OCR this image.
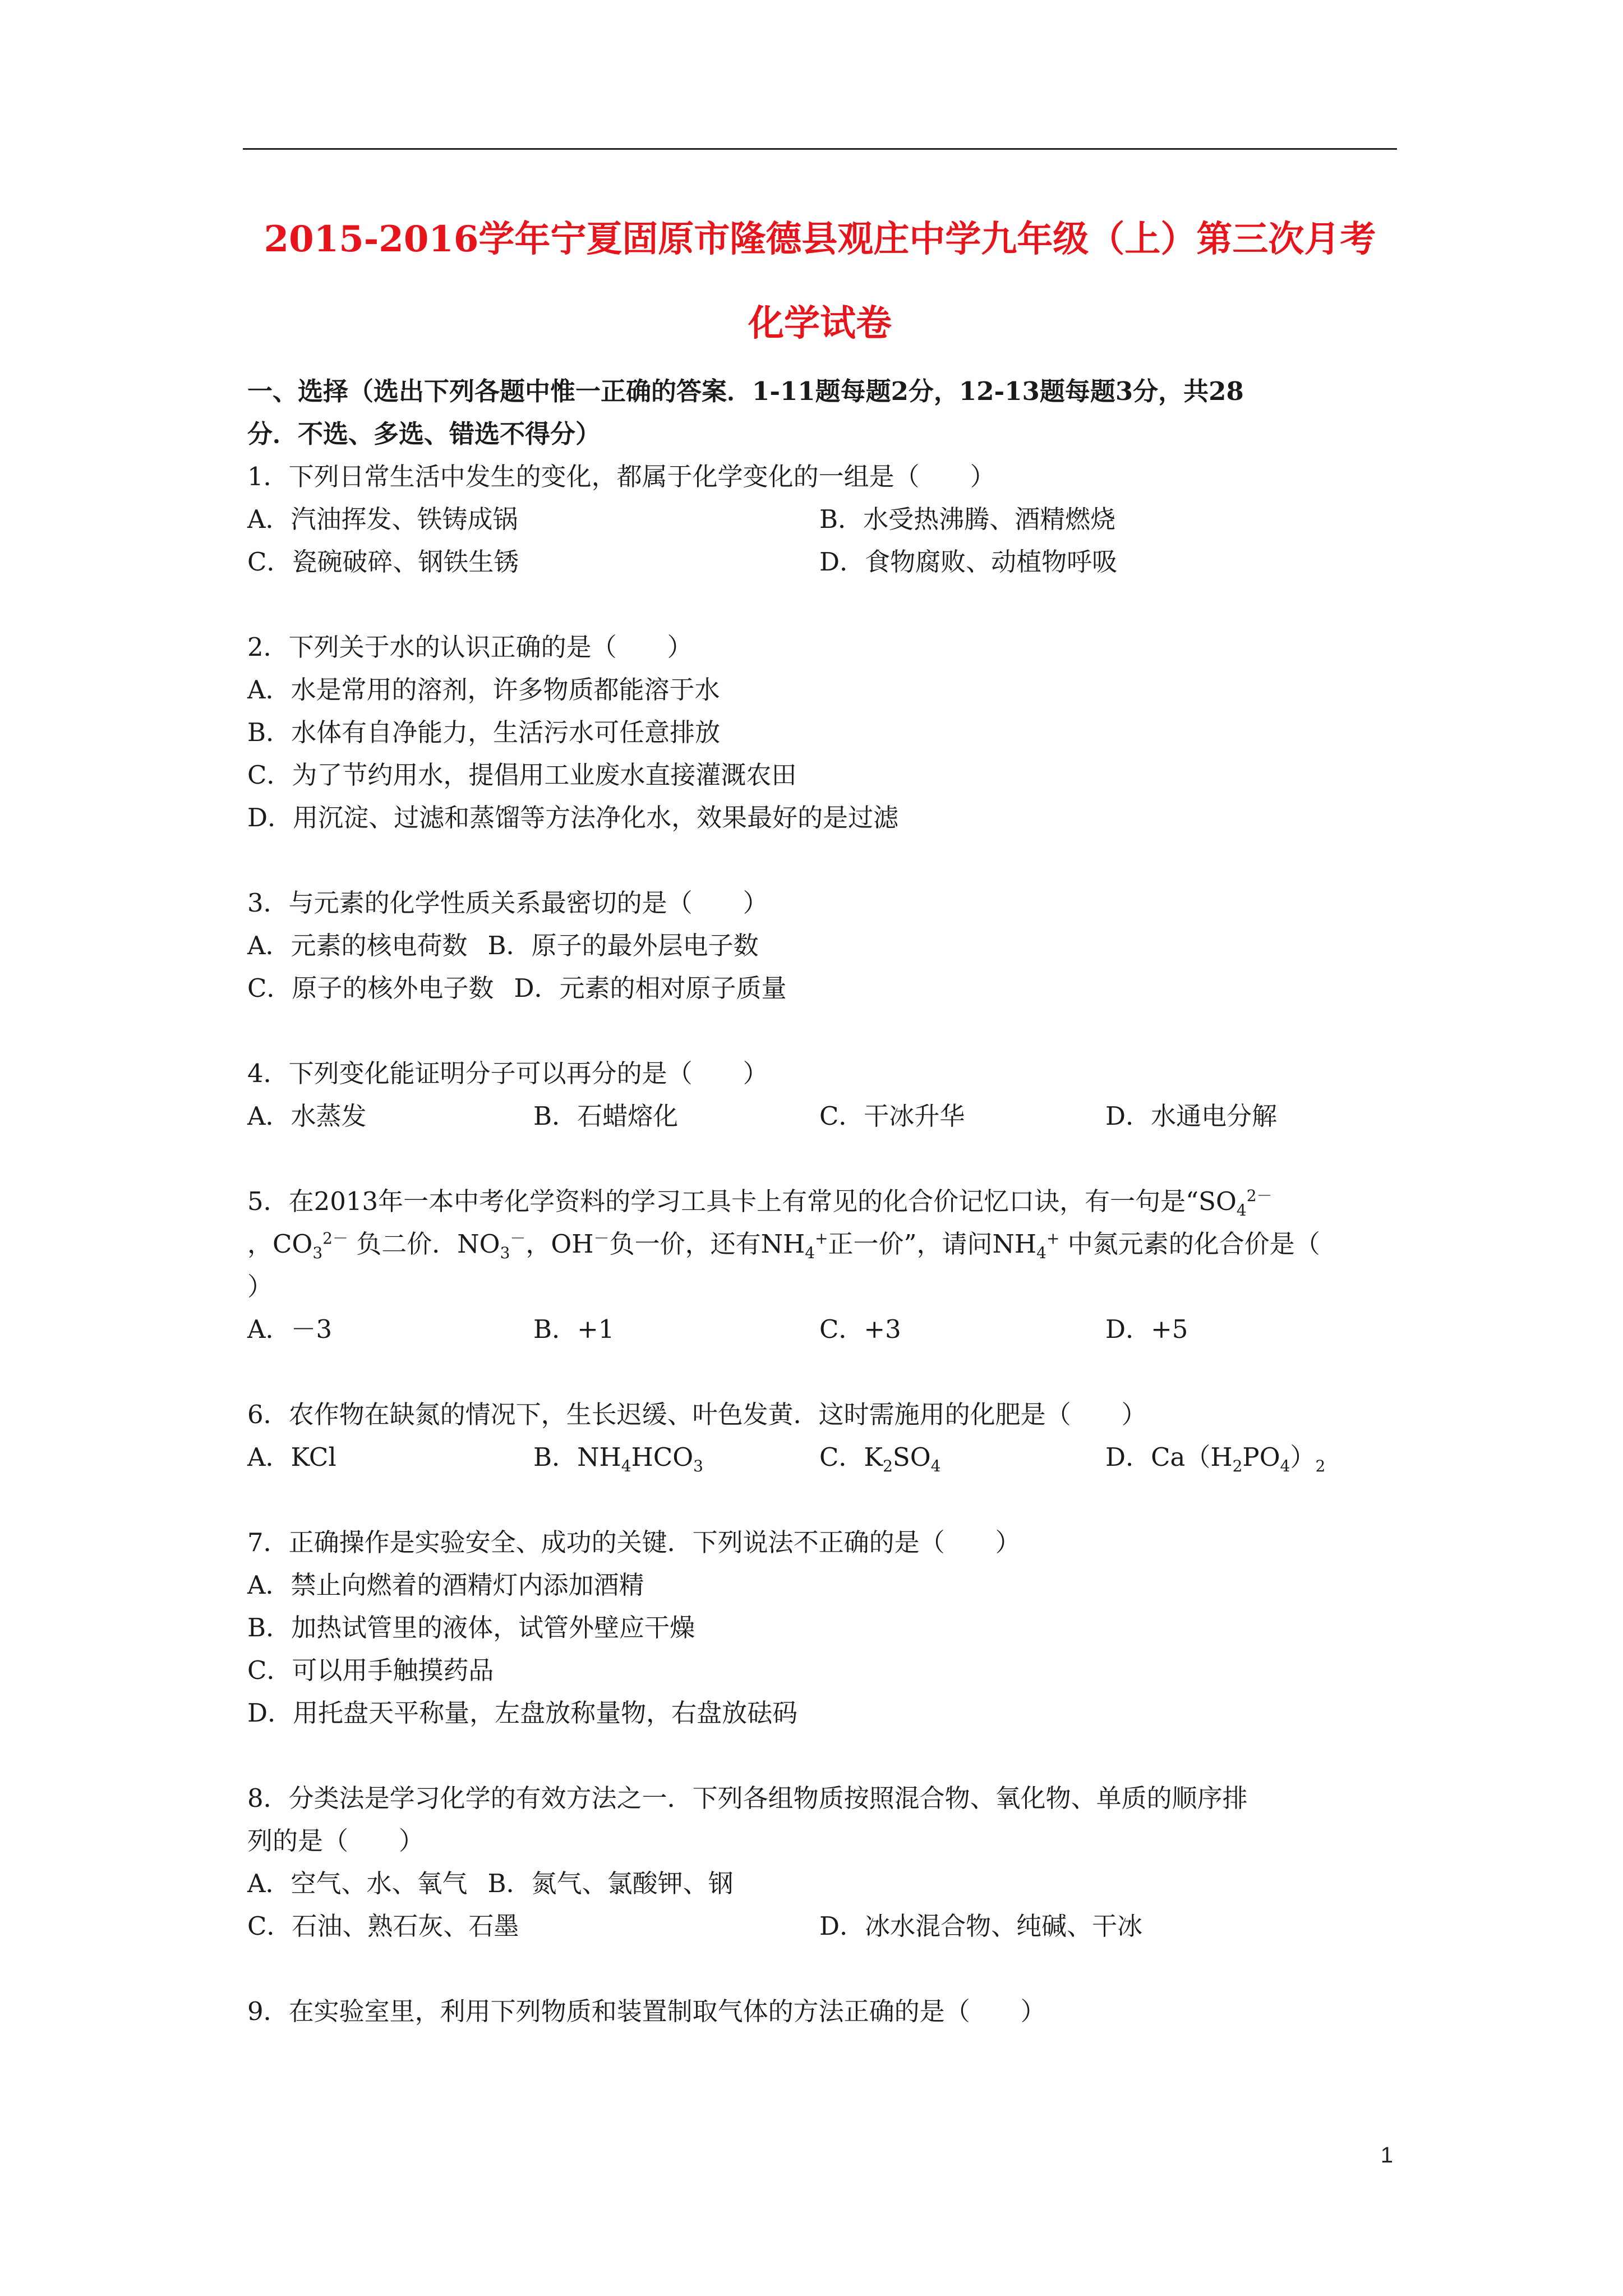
2015-2016学年宁夏固原市隆德县观庄中学九年级（上）第三次月考
化学试卷
一、选择（选出下列各题中惟一正确的答案．1-11题每题2分，12-13题每题3分，共28
分．不选、多选、错选不得分）
1．下列日常生活中发生的变化，都属于化学变化的一组是（　　）
A．汽油挥发、铁铸成锅	B．水受热沸腾、酒精燃烧
C．瓷碗破碎、钢铁生锈	D．食物腐败、动植物呼吸
2．下列关于水的认识正确的是（　　）
A．水是常用的溶剂，许多物质都能溶于水
B．水体有自净能力，生活污水可任意排放
C．为了节约用水，提倡用工业废水直接灌溉农田
D．用沉淀、过滤和蒸馏等方法净化水，效果最好的是过滤
3．与元素的化学性质关系最密切的是（　　）
A．元素的核电荷数 B．原子的最外层电子数
C．原子的核外电子数 D．元素的相对原子质量
4．下列变化能证明分子可以再分的是（　　）
A．水蒸发	B．石蜡熔化	C．干冰升华	D．水通电分解
5．在2013年一本中考化学资料的学习工具卡上有常见的化合价记忆口诀，有一句是“$SO_4^{2-}$
，$CO_3^{2-}$ 负二价．$NO_3^-$，OH－负一价，还有$NH_4^+$正一价”，请问$NH_4^+$ 中氮元素的化合价是（
）
A．－3	B．+1	C．+3	D．+5
6．农作物在缺氮的情况下，生长迟缓、叶色发黄．这时需施用的化肥是（　　）
A．KCl	B．$NH_4HCO_3$	C．$K_2SO_4$	D．$Ca(H_2PO_4)_2$
7．正确操作是实验安全、成功的关键．下列说法不正确的是（　　）
A．禁止向燃着的酒精灯内添加酒精
B．加热试管里的液体，试管外壁应干燥
C．可以用手触摸药品
D．用托盘天平称量，左盘放称量物，右盘放砝码
8．分类法是学习化学的有效方法之一．下列各组物质按照混合物、氧化物、单质的顺序排
列的是（　　）
A．空气、水、氧气 B．氮气、氯酸钾、钢
C．石油、熟石灰、石墨	D．冰水混合物、纯碱、干冰
9．在实验室里，利用下列物质和装置制取气体的方法正确的是（　　）
1
